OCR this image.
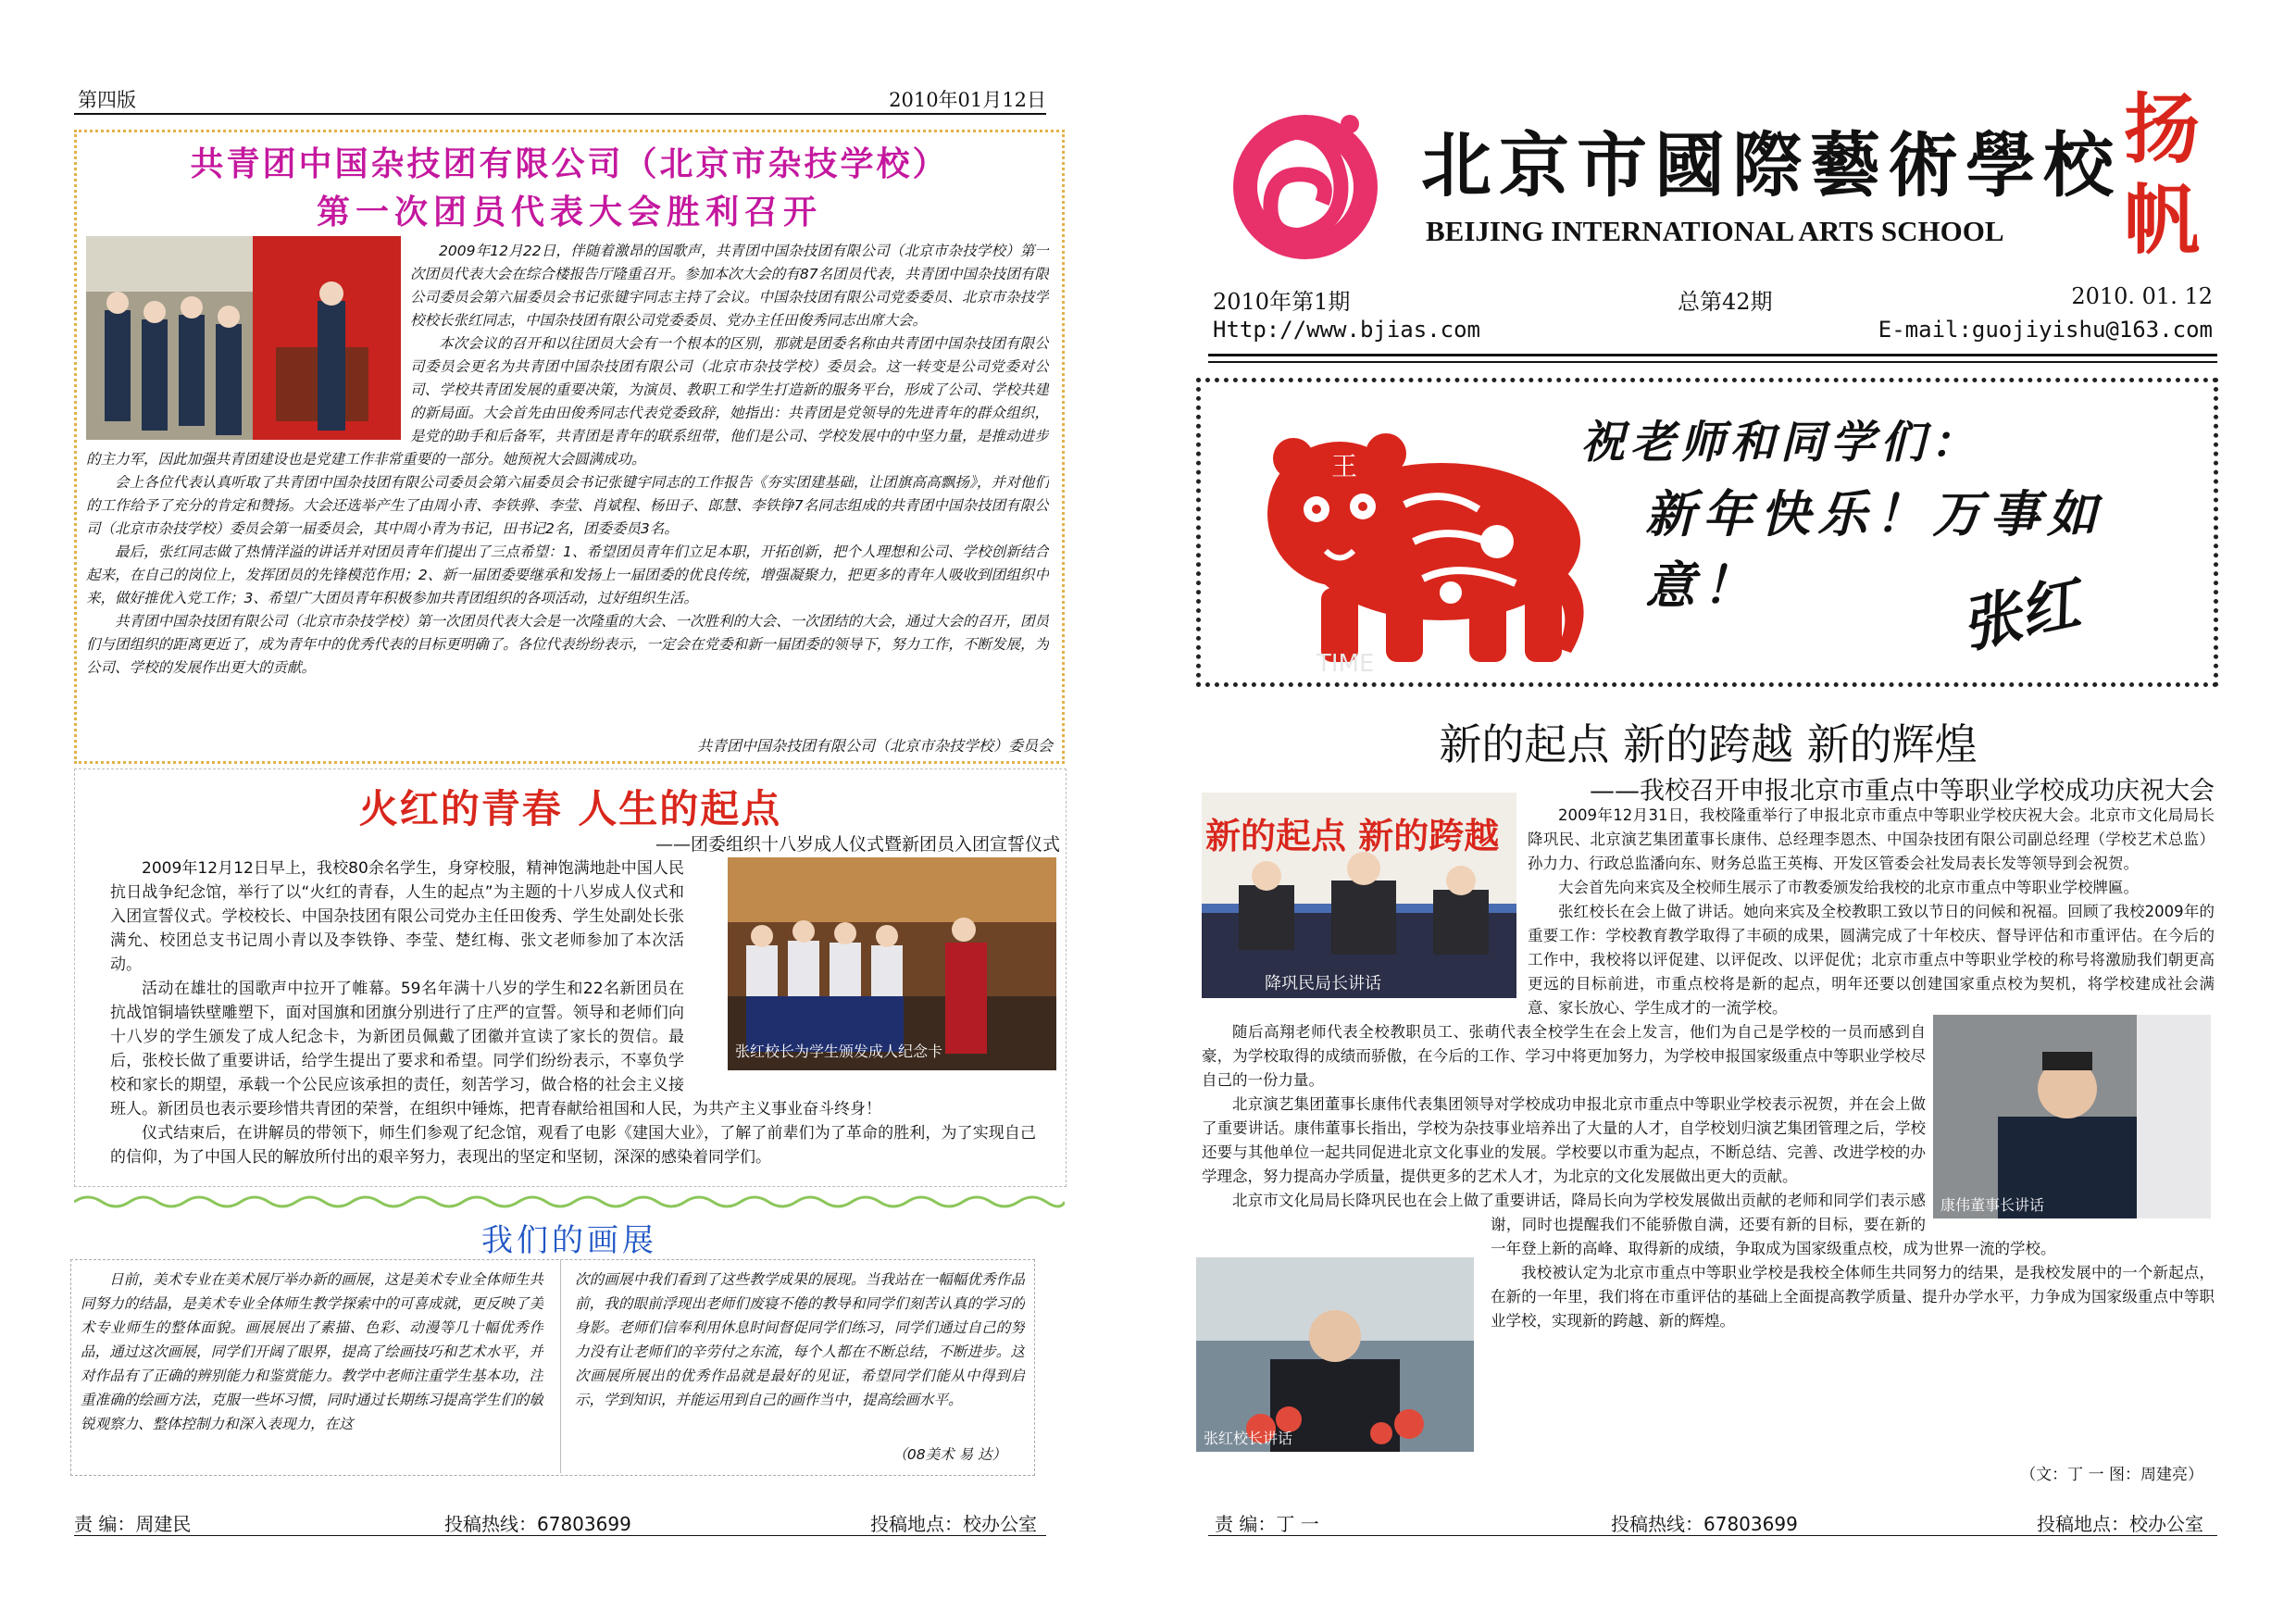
第四版	2010年01月12日
共青团中国杂技团有限公司（北京市杂技学校）
第一次团员代表大会胜利召开

2009年12月22日，伴随着激昂的国歌声，共青团中国杂技团有限公司（北京市杂技学校）第一次团员代表大会在综合楼报告厅隆重召开。参加本次大会的有87名团员代表，共青团中国杂技团有限公司委员会第六届委员会书记张键宇同志主持了会议。中国杂技团有限公司党委委员、北京市杂技学校校长张红同志，中国杂技团有限公司党委委员、党办主任田俊秀同志出席大会。

本次会议的召开和以往团员大会有一个根本的区别，那就是团委名称由共青团中国杂技团有限公司委员会更名为共青团中国杂技团有限公司（北京市杂技学校）委员会。这一转变是公司党委对公司、学校共青团发展的重要决策，为演员、教职工和学生打造新的服务平台，形成了公司、学校共建的新局面。大会首先由田俊秀同志代表党委致辞，她指出：共青团是党领导的先进青年的群众组织，是党的助手和后备军，共青团是青年的联系纽带，他们是公司、学校发展中的中坚力量，是推动进步的主力军，因此加强共青团建设也是党建工作非常重要的一部分。她预祝大会圆满成功。

会上各位代表认真听取了共青团中国杂技团有限公司委员会第六届委员会书记张键宇同志的工作报告《夯实团建基础，让团旗高高飘扬》，并对他们的工作给予了充分的肯定和赞扬。大会还选举产生了由周小青、李铁骅、李莹、肖斌程、杨田子、郎慧、李铁铮7名同志组成的共青团中国杂技团有限公司（北京市杂技学校）委员会第一届委员会，其中周小青为书记，田书记2名，团委委员3名。

最后，张红同志做了热情洋溢的讲话并对团员青年们提出了三点希望：1、希望团员青年们立足本职，开拓创新，把个人理想和公司、学校创新结合起来，在自己的岗位上，发挥团员的先锋模范作用；2、新一届团委要继承和发扬上一届团委的优良传统，增强凝聚力，把更多的青年人吸收到团组织中来，做好推优入党工作；3、希望广大团员青年积极参加共青团组织的各项活动，过好组织生活。

共青团中国杂技团有限公司（北京市杂技学校）第一次团员代表大会是一次隆重的大会、一次胜利的大会、一次团结的大会，通过大会的召开，团员们与团组织的距离更近了，成为青年中的优秀代表的目标更明确了。各位代表纷纷表示，一定会在党委和新一届团委的领导下，努力工作，不断发展，为公司、学校的发展作出更大的贡献。

共青团中国杂技团有限公司（北京市杂技学校）委员会
火红的青春 人生的起点
——团委组织十八岁成人仪式暨新团员入团宣誓仪式
张红校长为学生颁发成人纪念卡

2009年12月12日早上，我校80余名学生，身穿校服，精神饱满地赴中国人民抗日战争纪念馆，举行了以“火红的青春，人生的起点”为主题的十八岁成人仪式和入团宣誓仪式。学校校长、中国杂技团有限公司党办主任田俊秀、学生处副处长张满允、校团总支书记周小青以及李铁铮、李莹、楚红梅、张文老师参加了本次活动。

活动在雄壮的国歌声中拉开了帷幕。59名年满十八岁的学生和22名新团员在抗战馆铜墙铁壁雕塑下，面对国旗和团旗分别进行了庄严的宣誓。领导和老师们向十八岁的学生颁发了成人纪念卡，为新团员佩戴了团徽并宣读了家长的贺信。最后，张校长做了重要讲话，给学生提出了要求和希望。同学们纷纷表示，不辜负学校和家长的期望，承载一个公民应该承担的责任，刻苦学习，做合格的社会主义接班人。新团员也表示要珍惜共青团的荣誉，在组织中锤炼，把青春献给祖国和人民，为共产主义事业奋斗终身！

仪式结束后，在讲解员的带领下，师生们参观了纪念馆，观看了电影《建国大业》，了解了前辈们为了革命的胜利，为了实现自己的信仰，为了中国人民的解放所付出的艰辛努力，表现出的坚定和坚韧，深深的感染着同学们。

我们的画展
日前，美术专业在美术展厅举办新的画展，这是美术专业全体师生共同努力的结晶，是美术专业全体师生教学探索中的可喜成就，更反映了美术专业师生的整体面貌。画展展出了素描、色彩、动漫等几十幅优秀作品，通过这次画展，同学们开阔了眼界，提高了绘画技巧和艺术水平，并对作品有了正确的辨别能力和鉴赏能力。教学中老师注重学生基本功，注重准确的绘画方法，克服一些坏习惯，同时通过长期练习提高学生们的敏锐观察力、整体控制力和深入表现力，在这
次的画展中我们看到了这些教学成果的展现。当我站在一幅幅优秀作品前，我的眼前浮现出老师们废寝不倦的教导和同学们刻苦认真的学习的身影。老师们信奉利用休息时间督促同学们练习，同学们通过自己的努力没有让老师们的辛劳付之东流，每个人都在不断总结，不断进步。这次画展所展出的优秀作品就是最好的见证，希望同学们能从中得到启示，学到知识，并能运用到自己的画作当中，提高绘画水平。
（08美术 易 达）
责 编：周建民	投稿热线：67803699	投稿地点：校办公室
北京市國際藝術學校
BEIJING INTERNATIONAL ARTS SCHOOL
扬帆
2010年第1期	总第42期	2010. 01. 12
Http://www.bjias.com	E-mail:guojiyishu@163.com
王
TIME
祝老师和同学们：
新年快乐！万事如意！	张红
新的起点 新的跨越 新的辉煌
——我校召开申报北京市重点中等职业学校成功庆祝大会
新的起点 新的跨越
降巩民局长讲话
康伟董事长讲话
张红校长讲话

2009年12月31日，我校隆重举行了申报北京市重点中等职业学校庆祝大会。北京市文化局局长降巩民、北京演艺集团董事长康伟、总经理李恩杰、中国杂技团有限公司副总经理（学校艺术总监）孙力力、行政总监潘向东、财务总监王英梅、开发区管委会社发局表长发等领导到会祝贺。

大会首先向来宾及全校师生展示了市教委颁发给我校的北京市重点中等职业学校牌匾。

张红校长在会上做了讲话。她向来宾及全校教职工致以节日的问候和祝福。回顾了我校2009年的重要工作：学校教育教学取得了丰硕的成果，圆满完成了十年校庆、督导评估和市重评估。在今后的工作中，我校将以评促建、以评促改、以评促优；北京市重点中等职业学校的称号将激励我们朝更高更远的目标前进，市重点校将是新的起点，明年还要以创建国家重点校为契机，将学校建成社会满意、家长放心、学生成才的一流学校。

随后高翔老师代表全校教职员工、张萌代表全校学生在会上发言，他们为自己是学校的一员而感到自豪，为学校取得的成绩而骄傲，在今后的工作、学习中将更加努力，为学校申报国家级重点中等职业学校尽自己的一份力量。

北京演艺集团董事长康伟代表集团领导对学校成功申报北京市重点中等职业学校表示祝贺，并在会上做了重要讲话。康伟董事长指出，学校为杂技事业培养出了大量的人才，自学校划归演艺集团管理之后，学校还要与其他单位一起共同促进北京文化事业的发展。学校要以市重为起点，不断总结、完善、改进学校的办学理念，努力提高办学质量，提供更多的艺术人才，为北京的文化发展做出更大的贡献。

北京市文化局局长降巩民也在会上做了重要讲话，降局长向为学校发展做出贡献的老师和同学们表示感谢，同时也提醒我们不能骄傲自满，还要有新的目标，要在新的一年登上新的高峰、取得新的成绩，争取成为国家级重点校，成为世界一流的学校。

我校被认定为北京市重点中等职业学校是我校全体师生共同努力的结果，是我校发展中的一个新起点，在新的一年里，我们将在市重评估的基础上全面提高教学质量、提升办学水平，力争成为国家级重点中等职业学校，实现新的跨越、新的辉煌。

（文：丁 一 图：周建亮）
责 编：丁 一	投稿热线：67803699	投稿地点：校办公室
